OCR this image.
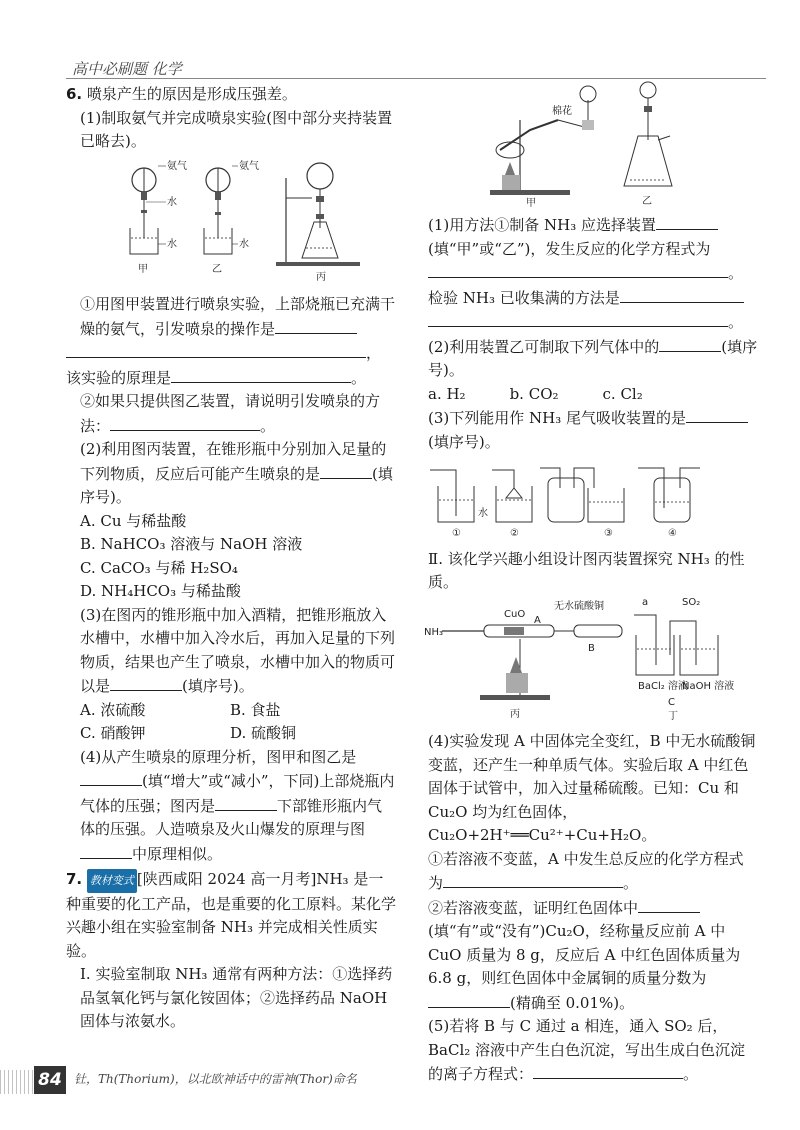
高中必刷题 化学

6. 喷泉产生的原因是形成压强差。

(1)制取氨气并完成喷泉实验(图中部分夹持装置已略去)。

氨气
水
水
甲
氨气
水
乙
丙

①用图甲装置进行喷泉实验，上部烧瓶已充满干燥的氨气，引发喷泉的操作是

，

该实验的原理是	。

②如果只提供图乙装置，请说明引发喷泉的方法：	。

(2)利用图丙装置，在锥形瓶中分别加入足量的下列物质，反应后可能产生喷泉的是	(填序号)。

A. Cu 与稀盐酸

B. NaHCO₃ 溶液与 NaOH 溶液

C. CaCO₃ 与稀 H₂SO₄

D. NH₄HCO₃ 与稀盐酸

(3)在图丙的锥形瓶中加入酒精，把锥形瓶放入水槽中，水槽中加入冷水后，再加入足量的下列物质，结果也产生了喷泉，水槽中加入的物质可以是	(填序号)。

A. 浓硫酸	B. 食盐
C. 硝酸钾	D. 硫酸铜

(4)从产生喷泉的原理分析，图甲和图乙是(填“增大”或“减小”，下同)上部烧瓶内气体的压强；图丙是	下部锥形瓶内气体的压强。人造喷泉及火山爆发的原理与图中原理相似。

7. 教材变式 [陕西咸阳 2024 高一月考]NH₃ 是一种重要的化工产品，也是重要的化工原料。某化学兴趣小组在实验室制备 NH₃ 并完成相关性质实验。

Ⅰ. 实验室制取 NH₃ 通常有两种方法：①选择药品氢氧化钙与氯化铵固体；②选择药品 NaOH 固体与浓氨水。

棉花
甲	乙

(1)用方法①制备 NH₃ 应选择装置(填“甲”或“乙”)，发生反应的化学方程式为

。

检验 NH₃ 已收集满的方法是

。

(2)利用装置乙可制取下列气体中的	(填序号)。

a. H₂	b. CO₂	c. Cl₂

(3)下列能用作 NH₃ 尾气吸收装置的是(填序号)。

①
水
②	③	④

Ⅱ. 该化学兴趣小组设计图丙装置探究 NH₃ 的性质。

NH₃
CuO
A
无水硫酸铜
B
丙
a	SO₂
BaCl₂ 溶液
NaOH 溶液
C
丁

(4)实验发现 A 中固体完全变红，B 中无水硫酸铜变蓝，还产生一种单质气体。实验后取 A 中红色固体于试管中，加入过量稀硫酸。已知：Cu 和 Cu₂O 均为红色固体，Cu₂O+2H⁺══Cu²⁺+Cu+H₂O。

①若溶液不变蓝，A 中发生总反应的化学方程式为	。

②若溶液变蓝，证明红色固体中(填“有”或“没有”)Cu₂O，经称量反应前 A 中 CuO 质量为 8 g，反应后 A 中红色固体质量为 6.8 g，则红色固体中金属铜的质量分数为(精确至 0.01%)。

(5)若将 B 与 C 通过 a 相连，通入 SO₂ 后，BaCl₂ 溶液中产生白色沉淀，写出生成白色沉淀的离子方程式：	。

84	钍，Th(Thorium)，以北欧神话中的雷神(Thor)命名
